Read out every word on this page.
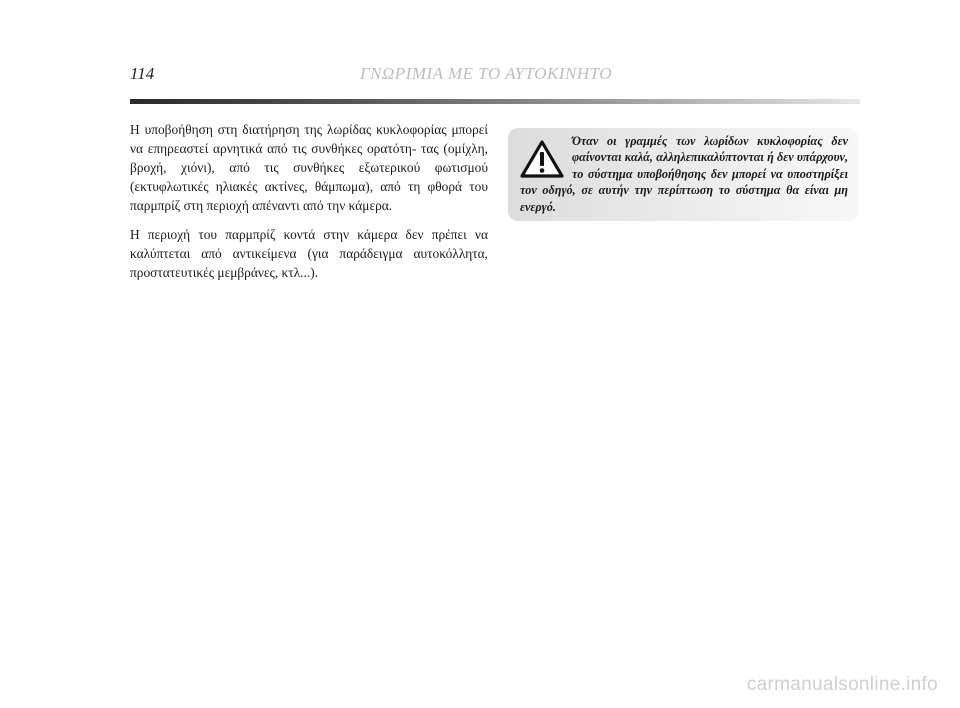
114	ΓΝΩΡΙΜΙΑ ΜΕ ΤΟ ΑΥΤΟΚΙΝΗΤΟ

Η υποβοήθηση στη διατήρηση της λωρίδας κυκλοφορίας μπορεί να επηρεαστεί αρνητικά από τις συνθήκες ορατότη- τας (ομίχλη, βροχή, χιόνι), από τις συνθήκες εξωτερικού φωτισμού (εκτυφλωτικές ηλιακές ακτίνες, θάμπωμα), από τη φθορά του παρμπρίζ στη περιοχή απέναντι από την κάμερα.

Η περιοχή του παρμπρίζ κοντά στην κάμερα δεν πρέπει να καλύπτεται από αντικείμενα (για παράδειγμα αυτοκόλλητα, προστατευτικές μεμβράνες, κτλ...).

Όταν οι γραμμές των λωρίδων κυκλοφορίας δεν φαίνονται καλά, αλληλεπικαλύπτονται ή δεν υπάρχουν, το σύστημα υποβοήθησης δεν μπορεί να υποστηρίξει τον οδηγό, σε αυτήν την περίπτωση το σύστημα θα είναι μη ενεργό.

carmanualsonline.info
